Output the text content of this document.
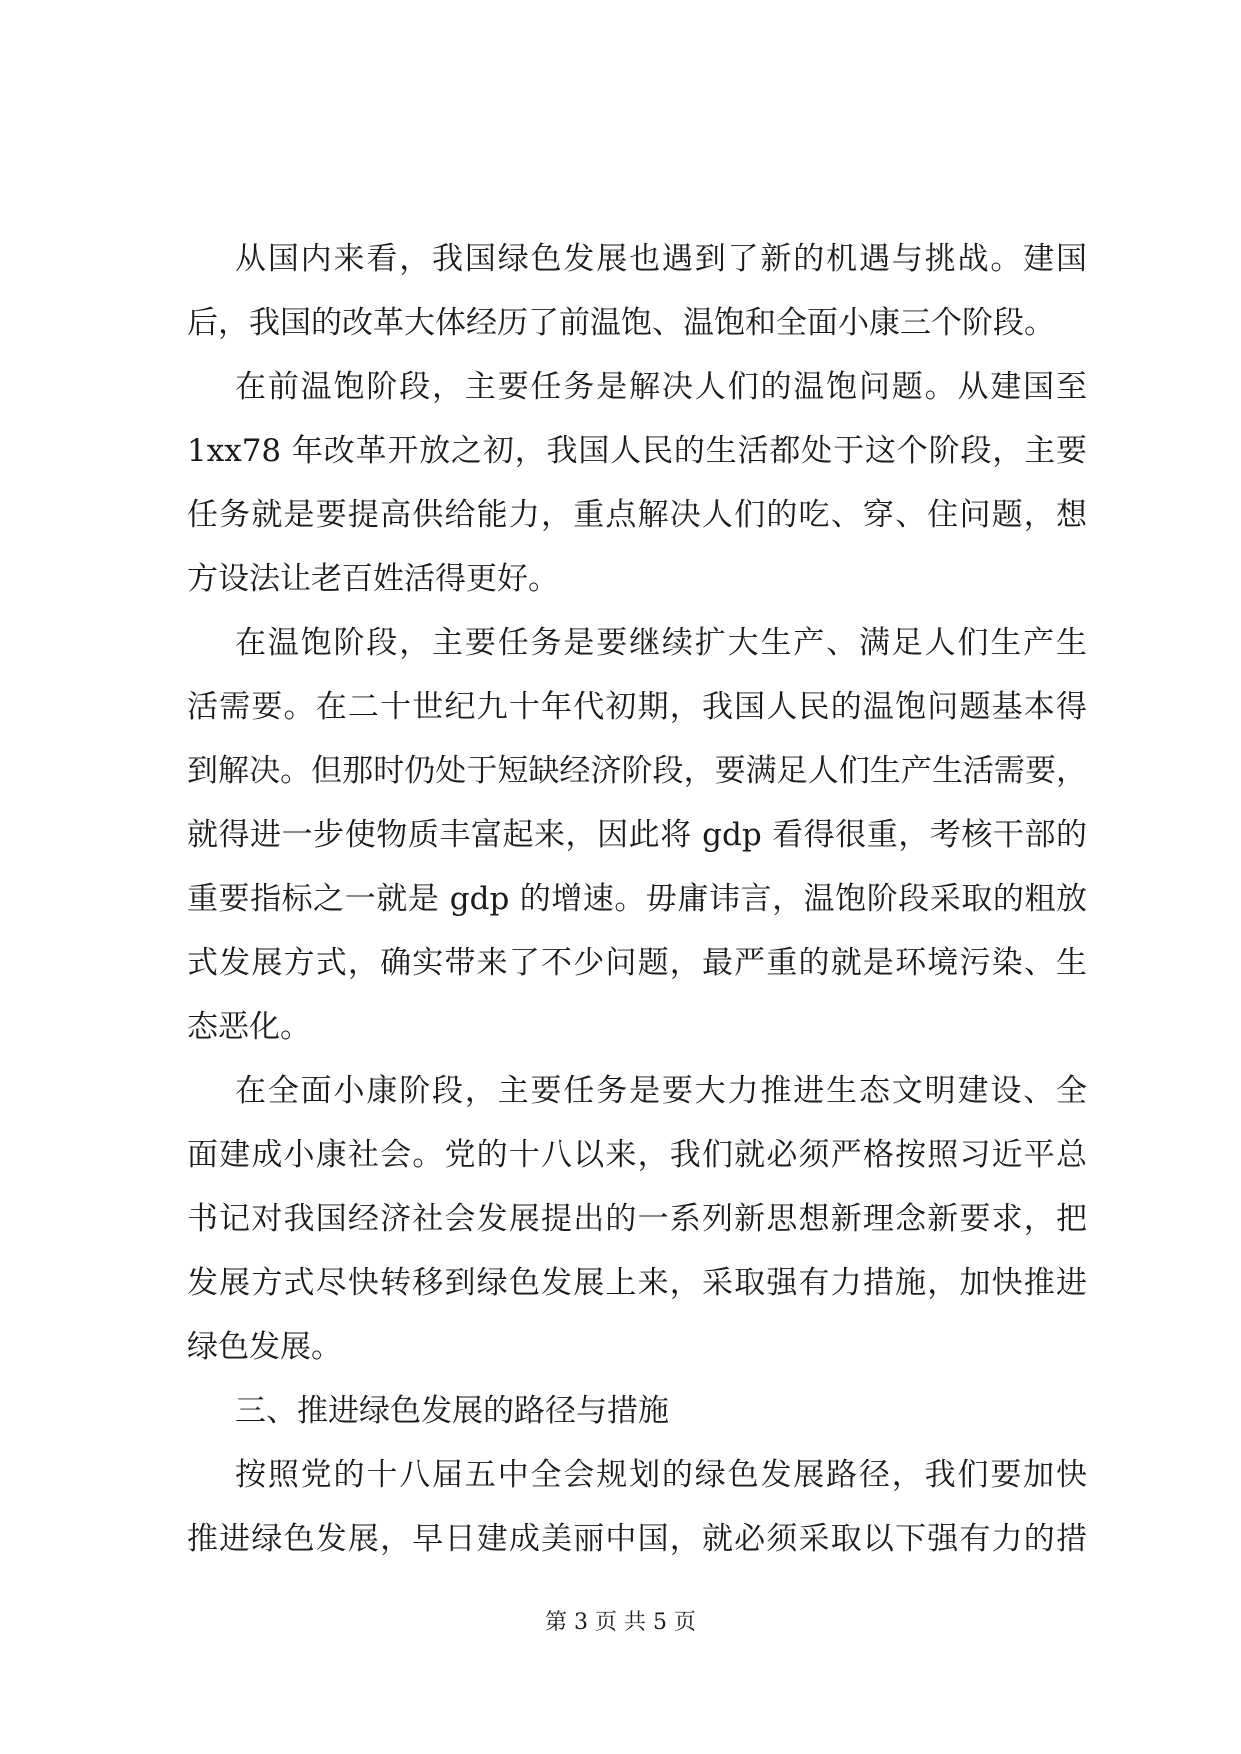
从国内来看，我国绿色发展也遇到了新的机遇与挑战。建国
后，我国的改革大体经历了前温饱、温饱和全面小康三个阶段。
在前温饱阶段，主要任务是解决人们的温饱问题。从建国至
1xx78 年改革开放之初，我国人民的生活都处于这个阶段，主要
任务就是要提高供给能力，重点解决人们的吃、穿、住问题，想
方设法让老百姓活得更好。
在温饱阶段，主要任务是要继续扩大生产、满足人们生产生
活需要。在二十世纪九十年代初期，我国人民的温饱问题基本得
到解决。但那时仍处于短缺经济阶段，要满足人们生产生活需要，
就得进一步使物质丰富起来，因此将 gdp 看得很重，考核干部的
重要指标之一就是 gdp 的增速。毋庸讳言，温饱阶段采取的粗放
式发展方式，确实带来了不少问题，最严重的就是环境污染、生
态恶化。
在全面小康阶段，主要任务是要大力推进生态文明建设、全
面建成小康社会。党的十八以来，我们就必须严格按照习近平总
书记对我国经济社会发展提出的一系列新思想新理念新要求，把
发展方式尽快转移到绿色发展上来，采取强有力措施，加快推进
绿色发展。
三、推进绿色发展的路径与措施
按照党的十八届五中全会规划的绿色发展路径，我们要加快
推进绿色发展，早日建成美丽中国，就必须采取以下强有力的措
第 3 页 共 5 页
